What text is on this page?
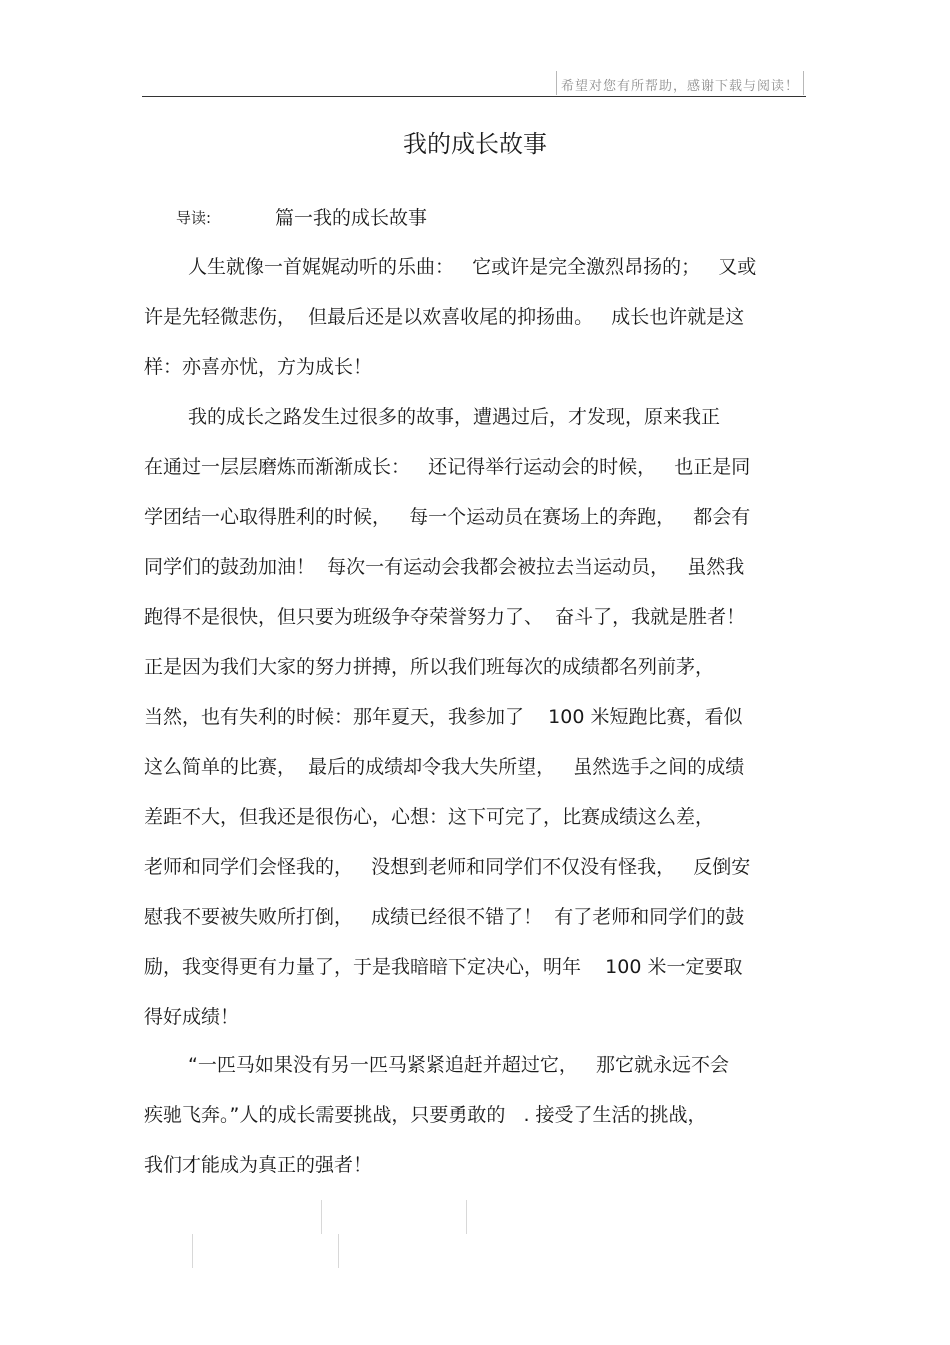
希望对您有所帮助，感谢下载与阅读！
我的成长故事
导读:	篇一我的成长故事
人生就像一首娓娓动听的乐曲：   它或许是完全激烈昂扬的；   又或
许是先轻微悲伤，  但最后还是以欢喜收尾的抑扬曲。   成长也许就是这
样：亦喜亦忧，方为成长！
我的成长之路发生过很多的故事，遭遇过后，才发现，原来我正
在通过一层层磨炼而渐渐成长：   还记得举行运动会的时候，   也正是同
学团结一心取得胜利的时候，   每一个运动员在赛场上的奔跑，   都会有
同学们的鼓劲加油！  每次一有运动会我都会被拉去当运动员，   虽然我
跑得不是很快，但只要为班级争夺荣誉努力了、  奋斗了，我就是胜者！
正是因为我们大家的努力拼搏，所以我们班每次的成绩都名列前茅，
当然，也有失利的时候：那年夏天，我参加了    100 米短跑比赛，看似
这么简单的比赛，  最后的成绩却令我大失所望，   虽然选手之间的成绩
差距不大，但我还是很伤心，心想：这下可完了，比赛成绩这么差，
老师和同学们会怪我的，   没想到老师和同学们不仅没有怪我，   反倒安
慰我不要被失败所打倒，   成绩已经很不错了！  有了老师和同学们的鼓
励，我变得更有力量了，于是我暗暗下定决心，明年    100 米一定要取
得好成绩！
“一匹马如果没有另一匹马紧紧追赶并超过它，   那它就永远不会
疾驰飞奔。”人的成长需要挑战，只要勇敢的   . 接受了生活的挑战，
我们才能成为真正的强者！
